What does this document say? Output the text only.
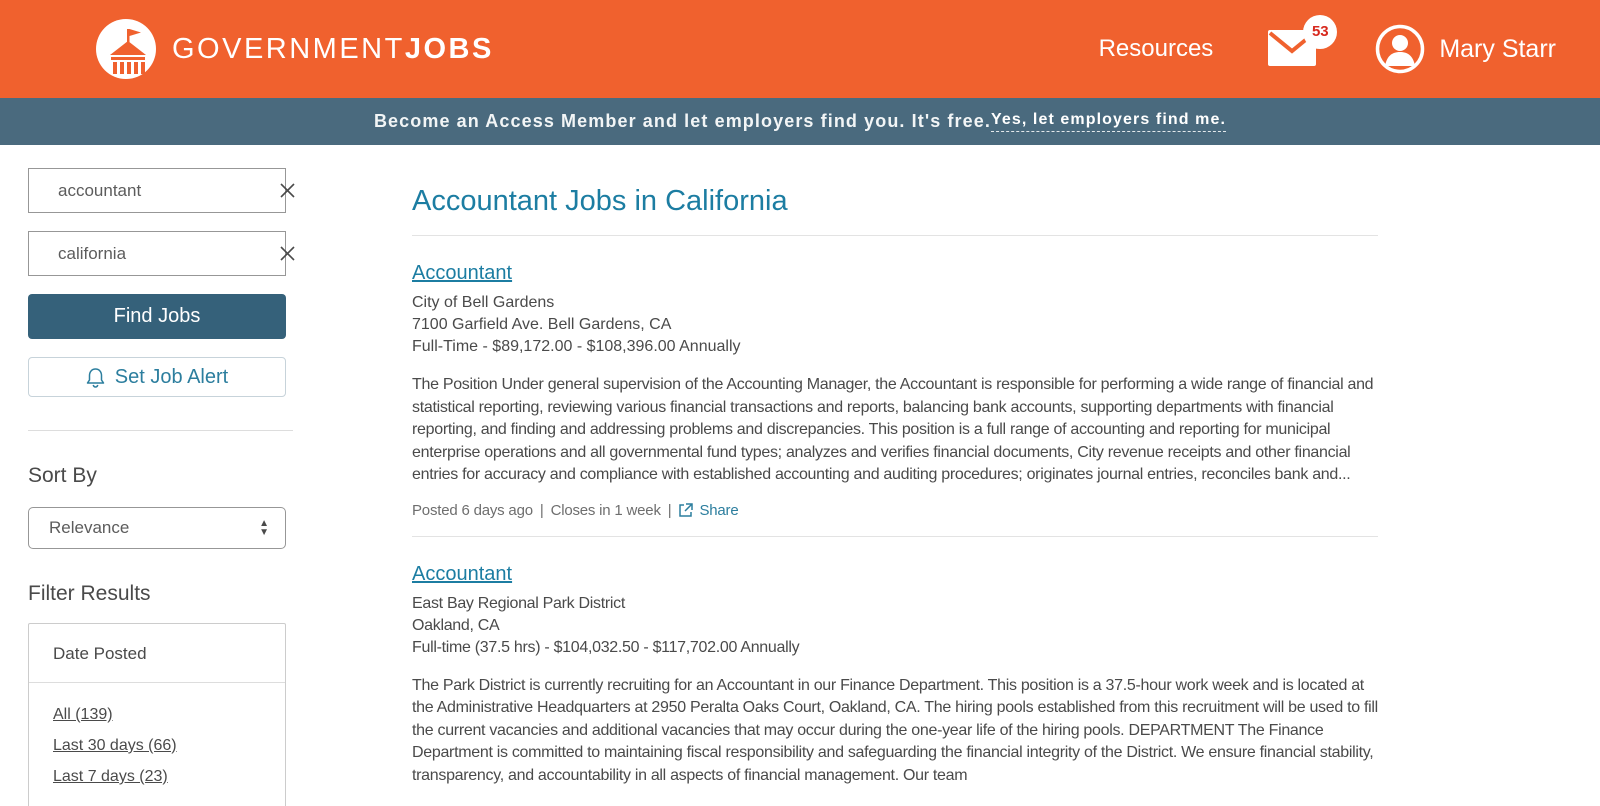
GOVERNMENTJOBS	Resources
53
Mary Starr
Become an Access Member and let employers find you. It's free. Yes, let employers find me.
accountant
california
Find Jobs
Set Job Alert
Sort By
Relevance	▲
▼
Filter Results
Date Posted
All (139)
Last 30 days (66)
Last 7 days (23)
Accountant Jobs in California
Accountant
City of Bell Gardens
7100 Garfield Ave. Bell Gardens, CA
Full-Time - $89,172.00 - $108,396.00 Annually

The Position Under general supervision of the Accounting Manager, the Accountant is responsible for performing a wide range of financial and statistical reporting, reviewing various financial transactions and reports, balancing bank accounts, supporting departments with financial reporting, and finding and addressing problems and discrepancies. This position is a full range of accounting and reporting for municipal enterprise operations and all governmental fund types; analyzes and verifies financial documents, City revenue receipts and other financial entries for accuracy and compliance with established accounting and auditing procedures; originates journal entries, reconciles bank and...

Posted 6 days ago | Closes in 1 week | Share
Accountant
East Bay Regional Park District
Oakland, CA
Full-time (37.5 hrs) - $104,032.50 - $117,702.00 Annually

The Park District is currently recruiting for an Accountant in our Finance Department. This position is a 37.5-hour work week and is located at the Administrative Headquarters at 2950 Peralta Oaks Court, Oakland, CA. The hiring pools established from this recruitment will be used to fill the current vacancies and additional vacancies that may occur during the one-year life of the hiring pools. DEPARTMENT The Finance Department is committed to maintaining fiscal responsibility and safeguarding the financial integrity of the District. We ensure financial stability, transparency, and accountability in all aspects of financial management. Our team
